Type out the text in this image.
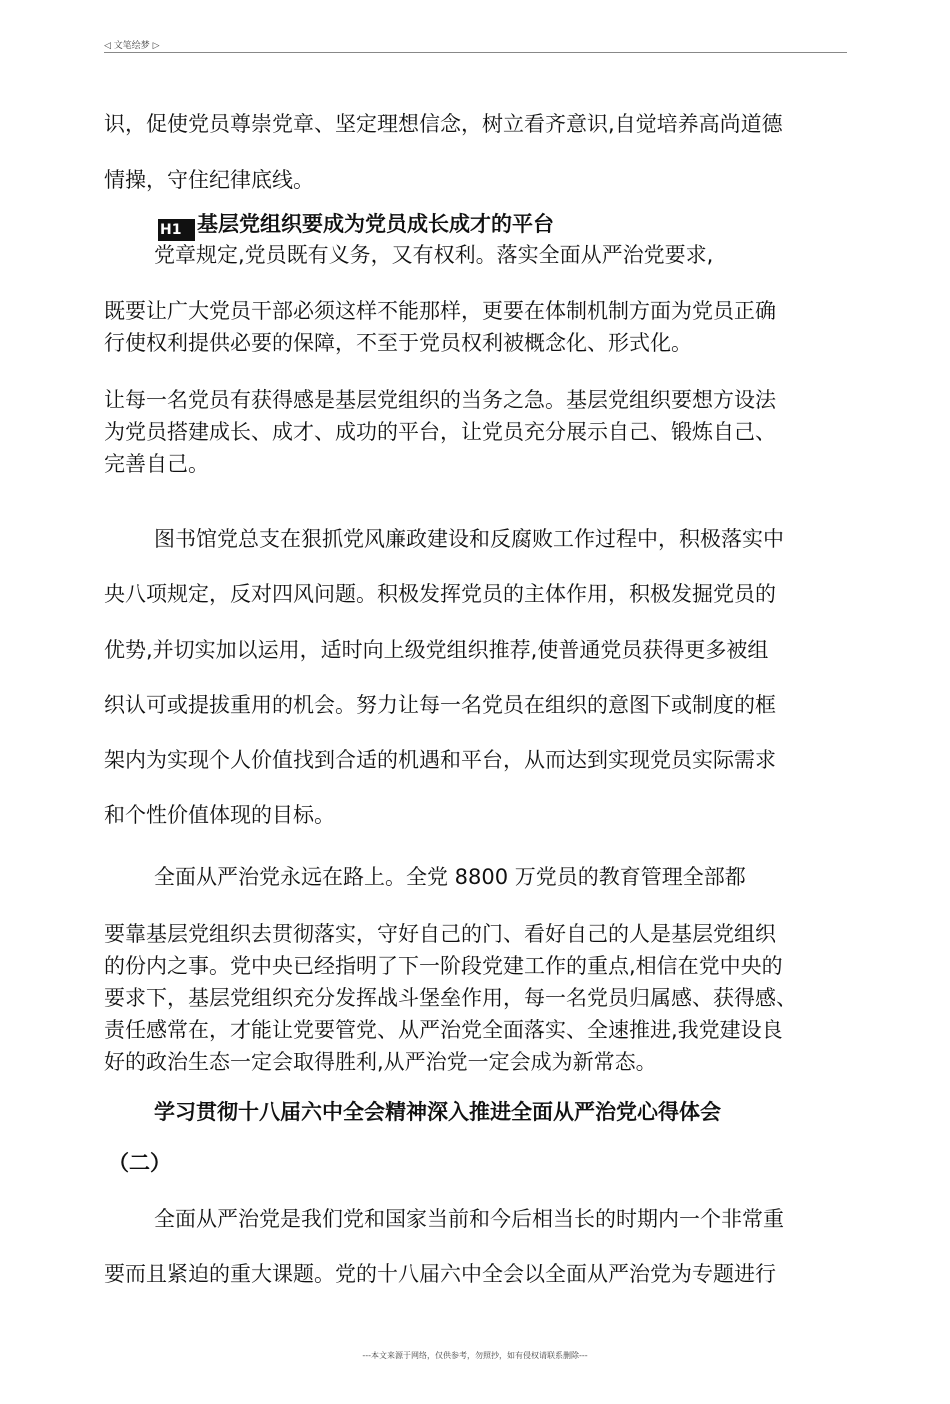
◁ 文笔绘梦 ▷

识，促使党员尊崇党章、坚定理想信念，树立看齐意识,自觉培养高尚道德

情操，守住纪律底线。

H1 基层党组织要成为党员成长成才的平台

党章规定,党员既有义务，又有权利。落实全面从严治党要求,

既要让广大党员干部必须这样不能那样，更要在体制机制方面为党员正确

行使权利提供必要的保障，不至于党员权利被概念化、形式化。

让每一名党员有获得感是基层党组织的当务之急。基层党组织要想方设法

为党员搭建成长、成才、成功的平台，让党员充分展示自己、锻炼自己、

完善自己。

图书馆党总支在狠抓党风廉政建设和反腐败工作过程中，积极落实中

央八项规定，反对四风问题。积极发挥党员的主体作用，积极发掘党员的

优势,并切实加以运用，适时向上级党组织推荐,使普通党员获得更多被组

织认可或提拔重用的机会。努力让每一名党员在组织的意图下或制度的框

架内为实现个人价值找到合适的机遇和平台，从而达到实现党员实际需求

和个性价值体现的目标。

全面从严治党永远在路上。全党 8800 万党员的教育管理全部都

要靠基层党组织去贯彻落实，守好自己的门、看好自己的人是基层党组织

的份内之事。党中央已经指明了下一阶段党建工作的重点,相信在党中央的

要求下，基层党组织充分发挥战斗堡垒作用，每一名党员归属感、获得感、

责任感常在，才能让党要管党、从严治党全面落实、全速推进,我党建设良

好的政治生态一定会取得胜利,从严治党一定会成为新常态。

学习贯彻十八届六中全会精神深入推进全面从严治党心得体会

（二）

全面从严治党是我们党和国家当前和今后相当长的时期内一个非常重

要而且紧迫的重大课题。党的十八届六中全会以全面从严治党为专题进行

---本文来源于网络，仅供参考，勿照抄，如有侵权请联系删除---
